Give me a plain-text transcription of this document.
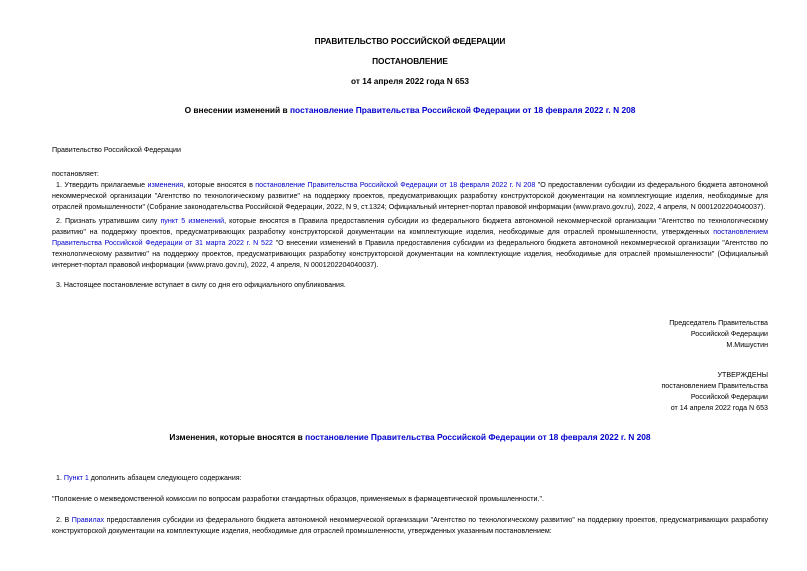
ПРАВИТЕЛЬСТВО РОССИЙСКОЙ ФЕДЕРАЦИИ
ПОСТАНОВЛЕНИЕ
от 14 апреля 2022 года N 653
О внесении изменений в постановление Правительства Российской Федерации от 18 февраля 2022 г. N 208
Правительство Российской Федерации
постановляет:

1. Утвердить прилагаемые изменения, которые вносятся в постановление Правительства Российской Федерации от 18 февраля 2022 г. N 208 "О предоставлении субсидии из федерального бюджета автономной некоммерческой организации "Агентство по технологическому развитие" на поддержку проектов, предусматривающих разработку конструкторской документации на комплектующие изделия, необходимые для отраслей промышленности" (Собрание законодательства Российской Федерации, 2022, N 9, ст.1324; Официальный интернет-портал правовой информации (www.pravo.gov.ru), 2022, 4 апреля, N 0001202204040037).

2. Признать утратившим силу пункт 5 изменений, которые вносятся в Правила предоставления субсидии из федерального бюджета автономной некоммерческой организации "Агентство по технологическому развитию" на поддержку проектов, предусматривающих разработку конструкторской документации на комплектующие изделия, необходимые для отраслей промышленности, утвержденных постановлением Правительства Российской Федерации от 31 марта 2022 г. N 522 "О внесении изменений в Правила предоставления субсидии из федерального бюджета автономной некоммерческой организации "Агентство по технологическому развитию" на поддержку проектов, предусматривающих разработку конструкторской документации на комплектующие изделия, необходимые для отраслей промышленности" (Официальный интернет-портал правовой информации (www.pravo.gov.ru), 2022, 4 апреля, N 0001202204040037).

3. Настоящее постановление вступает в силу со дня его официального опубликования.
Председатель Правительства
Российской Федерации
М.Мишустин
УТВЕРЖДЕНЫ
постановлением Правительства
Российской Федерации
от 14 апреля 2022 года N 653
Изменения, которые вносятся в постановление Правительства Российской Федерации от 18 февраля 2022 г. N 208
1. Пункт 1 дополнить абзацем следующего содержания:
"Положение о межведомственной комиссии по вопросам разработки стандартных образцов, применяемых в фармацевтической промышленности.".

2. В Правилах предоставления субсидии из федерального бюджета автономной некоммерческой организации "Агентство по технологическому развитию" на поддержку проектов, предусматривающих разработку конструкторской документации на комплектующие изделия, необходимые для отраслей промышленности, утвержденных указанным постановлением:
